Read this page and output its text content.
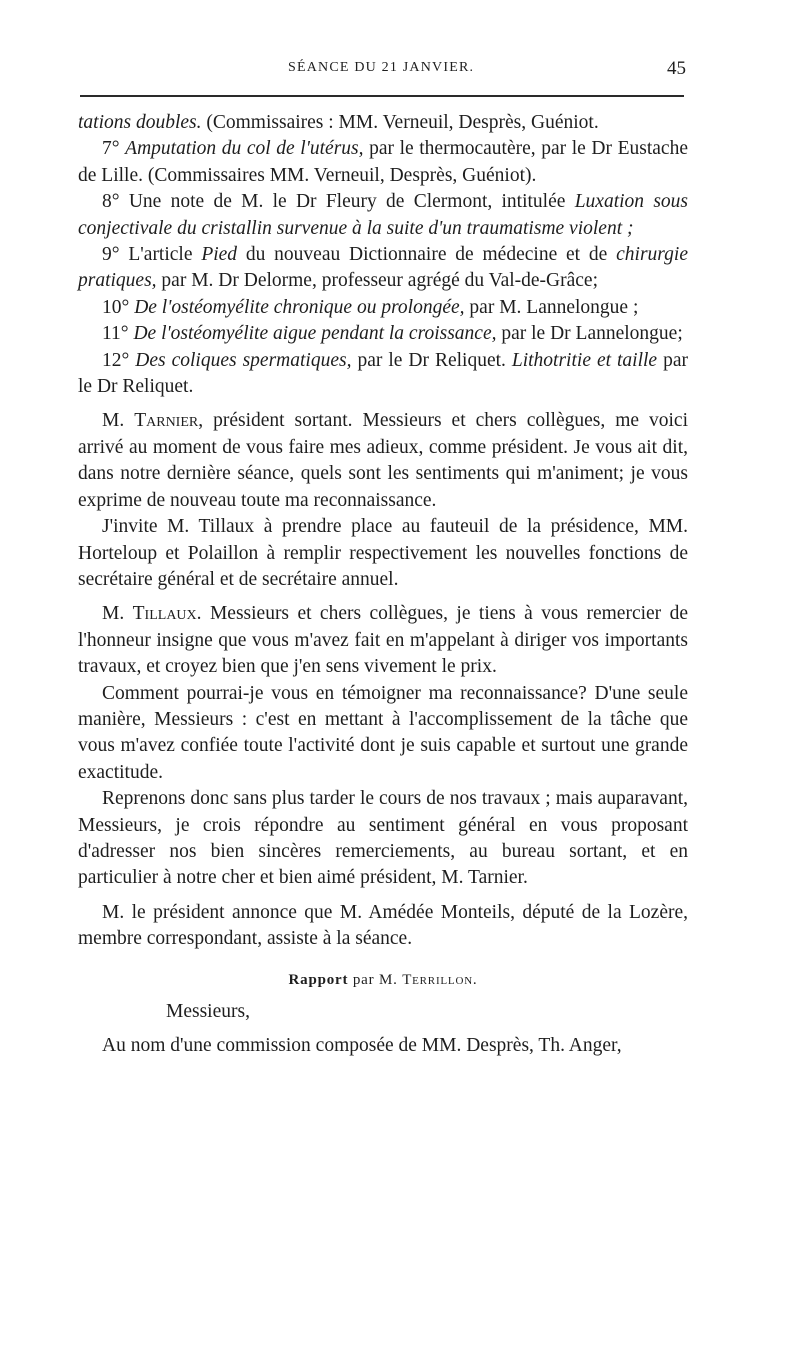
SÉANCE DU 21 JANVIER.	45

tations doubles. (Commissaires : MM. Verneuil, Desprès, Guéniot.

7° Amputation du col de l'utérus, par le thermocautère, par le Dr Eustache de Lille. (Commissaires MM. Verneuil, Desprès, Guéniot).

8° Une note de M. le Dr Fleury de Clermont, intitulée Luxation sous conjectivale du cristallin survenue à la suite d'un traumatisme violent ;

9° L'article Pied du nouveau Dictionnaire de médecine et de chirurgie pratiques, par M. Dr Delorme, professeur agrégé du Val-de-Grâce;

10° De l'ostéomyélite chronique ou prolongée, par M. Lannelongue ;

11° De l'ostéomyélite aigue pendant la croissance, par le Dr Lannelongue;

12° Des coliques spermatiques, par le Dr Reliquet. Lithotritie et taille par le Dr Reliquet.

M. Tarnier, président sortant. Messieurs et chers collègues, me voici arrivé au moment de vous faire mes adieux, comme président. Je vous ait dit, dans notre dernière séance, quels sont les sentiments qui m'animent; je vous exprime de nouveau toute ma reconnaissance.

J'invite M. Tillaux à prendre place au fauteuil de la présidence, MM. Horteloup et Polaillon à remplir respectivement les nouvelles fonctions de secrétaire général et de secrétaire annuel.

M. Tillaux. Messieurs et chers collègues, je tiens à vous remercier de l'honneur insigne que vous m'avez fait en m'appelant à diriger vos importants travaux, et croyez bien que j'en sens vivement le prix.

Comment pourrai-je vous en témoigner ma reconnaissance? D'une seule manière, Messieurs : c'est en mettant à l'accomplissement de la tâche que vous m'avez confiée toute l'activité dont je suis capable et surtout une grande exactitude.

Reprenons donc sans plus tarder le cours de nos travaux ; mais auparavant, Messieurs, je crois répondre au sentiment général en vous proposant d'adresser nos bien sincères remerciements, au bureau sortant, et en particulier à notre cher et bien aimé président, M. Tarnier.

M. le président annonce que M. Amédée Monteils, député de la Lozère, membre correspondant, assiste à la séance.

Rapport par M. Terrillon.

Messieurs,

Au nom d'une commission composée de MM. Desprès, Th. Anger,
